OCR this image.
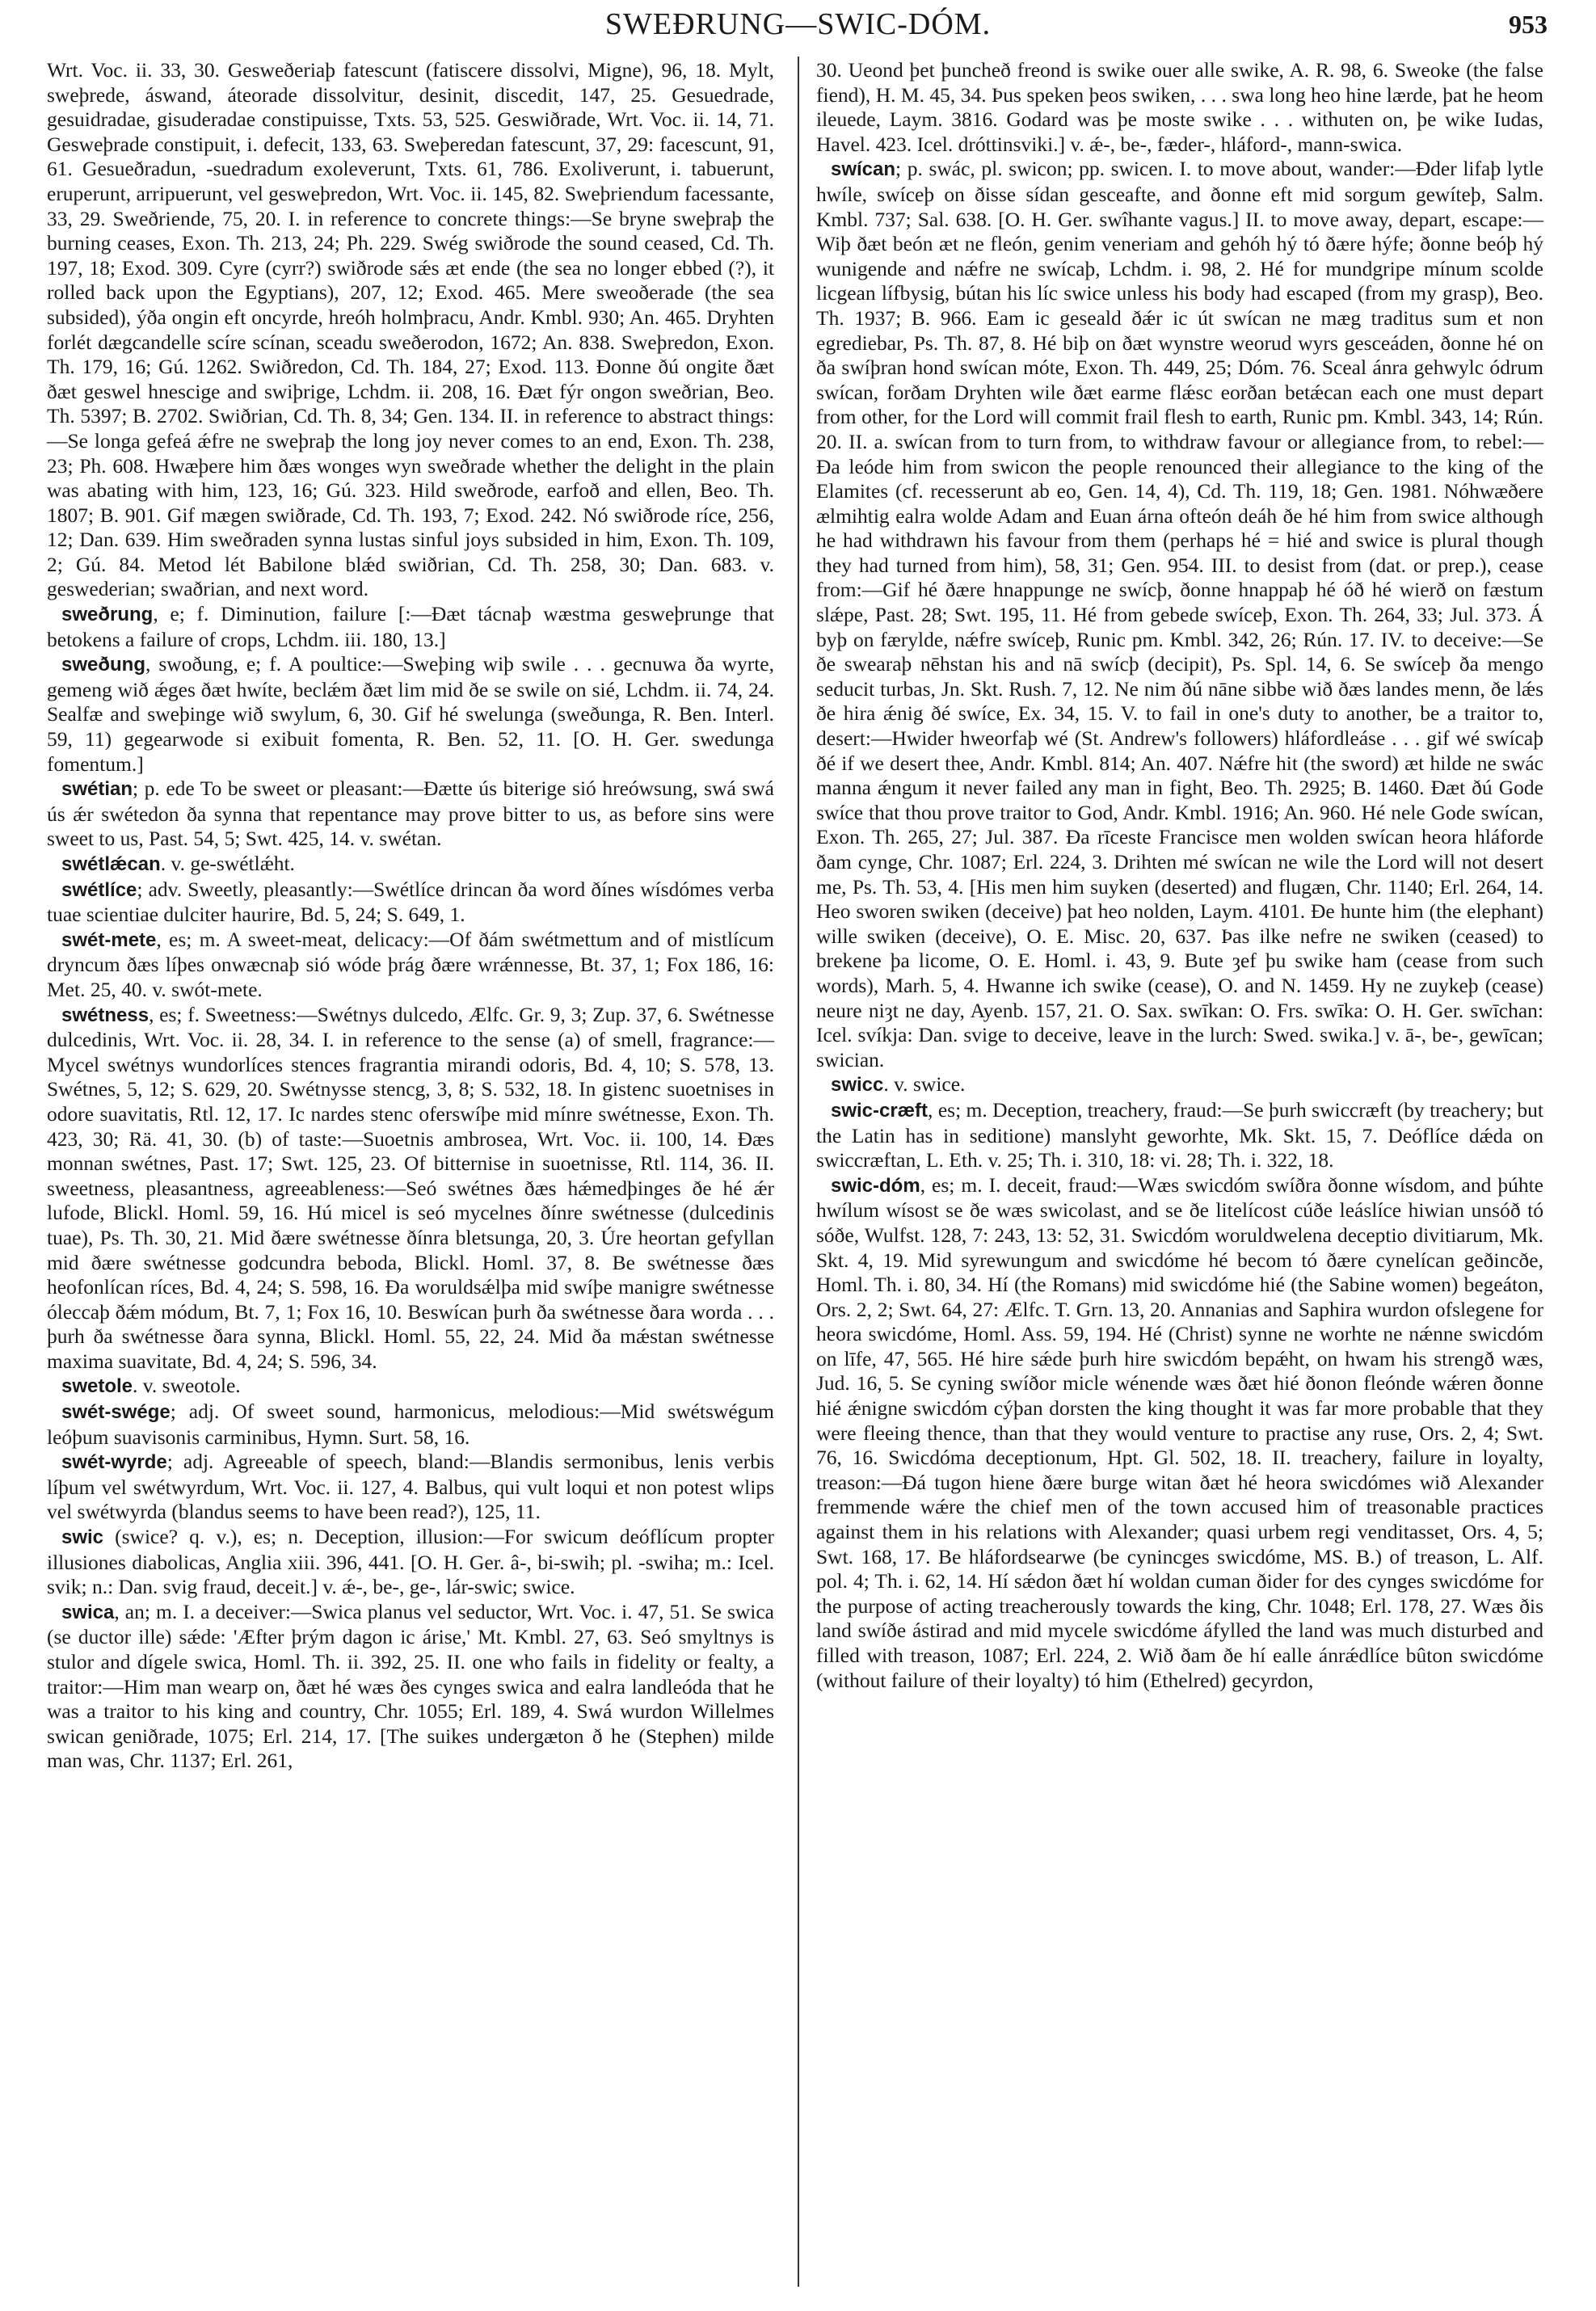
SWEÐRUNG—SWIC-DÓM.	953

Wrt. Voc. ii. 33, 30. Gesweðeriaþ fatescunt (fatiscere dissolvi, Migne), 96, 18. Mylt, sweþrede, áswand, áteorade dissolvitur, desinit, discedit, 147, 25. Gesuedrade, gesuidradae, gisuderadae constipuisse, Txts. 53, 525. Geswiðrade, Wrt. Voc. ii. 14, 71. Gesweþrade constipuit, i. defecit, 133, 63. Sweþeredan fatescunt, 37, 29: facescunt, 91, 61. Gesueðradun, -suedradum exoleverunt, Txts. 61, 786. Exoliverunt, i. tabuerunt, eruperunt, arripuerunt, vel gesweþredon, Wrt. Voc. ii. 145, 82. Sweþriendum facessante, 33, 29. Sweðriende, 75, 20. I. in reference to concrete things:—Se bryne sweþraþ the burning ceases, Exon. Th. 213, 24; Ph. 229. Swég swiðrode the sound ceased, Cd. Th. 197, 18; Exod. 309. Cyre (cyrr?) swiðrode sǽs æt ende (the sea no longer ebbed (?), it rolled back upon the Egyptians), 207, 12; Exod. 465. Mere sweoðerade (the sea subsided), ýða ongin eft oncyrde, hreóh holmþracu, Andr. Kmbl. 930; An. 465. Dryhten forlét dægcandelle scíre scínan, sceadu sweðerodon, 1672; An. 838. Sweþredon, Exon. Th. 179, 16; Gú. 1262. Swiðredon, Cd. Th. 184, 27; Exod. 113. Ðonne ðú ongite ðæt ðæt geswel hnescige and swiþrige, Lchdm. ii. 208, 16. Ðæt fýr ongon sweðrian, Beo. Th. 5397; B. 2702. Swiðrian, Cd. Th. 8, 34; Gen. 134. II. in reference to abstract things:—Se longa gefeá ǽfre ne sweþraþ the long joy never comes to an end, Exon. Th. 238, 23; Ph. 608. Hwæþere him ðæs wonges wyn sweðrade whether the delight in the plain was abating with him, 123, 16; Gú. 323. Hild sweðrode, earfoð and ellen, Beo. Th. 1807; B. 901. Gif mægen swiðrade, Cd. Th. 193, 7; Exod. 242. Nó swiðrode ríce, 256, 12; Dan. 639. Him sweðraden synna lustas sinful joys subsided in him, Exon. Th. 109, 2; Gú. 84. Metod lét Babilone blǽd swiðrian, Cd. Th. 258, 30; Dan. 683. v. geswederian; swaðrian, and next word.

sweðrung, e; f. Diminution, failure [:—Ðæt tácnaþ wæstma gesweþrunge that betokens a failure of crops, Lchdm. iii. 180, 13.]

sweðung, swoðung, e; f. A poultice:—Sweþing wiþ swile . . . gecnuwa ða wyrte, gemeng wið ǽges ðæt hwíte, beclǽm ðæt lim mid ðe se swile on sié, Lchdm. ii. 74, 24. Sealfæ and sweþinge wið swylum, 6, 30. Gif hé swelunga (sweðunga, R. Ben. Interl. 59, 11) gegearwode si exibuit fomenta, R. Ben. 52, 11. [O. H. Ger. swedunga fomentum.]

swétian; p. ede To be sweet or pleasant:—Ðætte ús biterige sió hreówsung, swá swá ús ǽr swétedon ða synna that repentance may prove bitter to us, as before sins were sweet to us, Past. 54, 5; Swt. 425, 14. v. swétan.

swétlǽcan. v. ge-swétlǽht.

swétlíce; adv. Sweetly, pleasantly:—Swétlíce drincan ða word ðínes wísdómes verba tuae scientiae dulciter haurire, Bd. 5, 24; S. 649, 1.

swét-mete, es; m. A sweet-meat, delicacy:—Of ðám swétmettum and of mistlícum dryncum ðæs líþes onwæcnaþ sió wóde þrág ðære wrǽnnesse, Bt. 37, 1; Fox 186, 16: Met. 25, 40. v. swót-mete.

swétness, es; f. Sweetness:—Swétnys dulcedo, Ælfc. Gr. 9, 3; Zup. 37, 6. Swétnesse dulcedinis, Wrt. Voc. ii. 28, 34. I. in reference to the sense (a) of smell, fragrance:—Mycel swétnys wundorlíces stences fragrantia mirandi odoris, Bd. 4, 10; S. 578, 13. Swétnes, 5, 12; S. 629, 20. Swétnysse stencg, 3, 8; S. 532, 18. In gistenc suoetnises in odore suavitatis, Rtl. 12, 17. Ic nardes stenc oferswíþe mid mínre swétnesse, Exon. Th. 423, 30; Rä. 41, 30. (b) of taste:—Suoetnis ambrosea, Wrt. Voc. ii. 100, 14. Ðæs monnan swétnes, Past. 17; Swt. 125, 23. Of bitternise in suoetnisse, Rtl. 114, 36. II. sweetness, pleasantness, agreeableness:—Seó swétnes ðæs hǽmedþinges ðe hé ǽr lufode, Blickl. Homl. 59, 16. Hú micel is seó mycelnes ðínre swétnesse (dulcedinis tuae), Ps. Th. 30, 21. Mid ðære swétnesse ðínra bletsunga, 20, 3. Úre heortan gefyllan mid ðære swétnesse godcundra beboda, Blickl. Homl. 37, 8. Be swétnesse ðæs heofonlícan ríces, Bd. 4, 24; S. 598, 16. Ða woruldsǽlþa mid swíþe manigre swétnesse óleccaþ ðǽm módum, Bt. 7, 1; Fox 16, 10. Beswícan þurh ða swétnesse ðara worda . . . þurh ða swétnesse ðara synna, Blickl. Homl. 55, 22, 24. Mid ða mǽstan swétnesse maxima suavitate, Bd. 4, 24; S. 596, 34.

swetole. v. sweotole.

swét-swége; adj. Of sweet sound, harmonicus, melodious:—Mid swétswégum leóþum suavisonis carminibus, Hymn. Surt. 58, 16.

swét-wyrde; adj. Agreeable of speech, bland:—Blandis sermonibus, lenis verbis líþum vel swétwyrdum, Wrt. Voc. ii. 127, 4. Balbus, qui vult loqui et non potest wlips vel swétwyrda (blandus seems to have been read?), 125, 11.

swic (swice? q. v.), es; n. Deception, illusion:—For swicum deóflícum propter illusiones diabolicas, Anglia xiii. 396, 441. [O. H. Ger. â-, bi-swih; pl. -swiha; m.: Icel. svik; n.: Dan. svig fraud, deceit.] v. ǽ-, be-, ge-, lár-swic; swice.

swica, an; m. I. a deceiver:—Swica planus vel seductor, Wrt. Voc. i. 47, 51. Se swica (se ductor ille) sǽde: 'Æfter þrým dagon ic árise,' Mt. Kmbl. 27, 63. Seó smyltnys is stulor and dígele swica, Homl. Th. ii. 392, 25. II. one who fails in fidelity or fealty, a traitor:—Him man wearp on, ðæt hé wæs ðes cynges swica and ealra landleóda that he was a traitor to his king and country, Chr. 1055; Erl. 189, 4. Swá wurdon Willelmes swican geniðrade, 1075; Erl. 214, 17. [The suikes undergæton ð he (Stephen) milde man was, Chr. 1137; Erl. 261,

30. Ueond þet þuncheð freond is swike ouer alle swike, A. R. 98, 6. Sweoke (the false fiend), H. M. 45, 34. Þus speken þeos swiken, . . . swa long heo hine lærde, þat he heom ileuede, Laym. 3816. Godard was þe moste swike . . . withuten on, þe wike Iudas, Havel. 423. Icel. dróttinsviki.] v. ǽ-, be-, fæder-, hláford-, mann-swica.

swícan; p. swác, pl. swicon; pp. swicen. I. to move about, wander:—Ðder lifaþ lytle hwíle, swíceþ on ðisse sídan gesceafte, and ðonne eft mid sorgum gewíteþ, Salm. Kmbl. 737; Sal. 638. [O. H. Ger. swîhante vagus.] II. to move away, depart, escape:—Wiþ ðæt beón æt ne fleón, genim veneriam and gehóh hý tó ðære hýfe; ðonne beóþ hý wunigende and nǽfre ne swícaþ, Lchdm. i. 98, 2. Hé for mundgripe mínum scolde licgean lífbysig, bútan his líc swice unless his body had escaped (from my grasp), Beo. Th. 1937; B. 966. Eam ic geseald ðǽr ic út swícan ne mæg traditus sum et non egrediebar, Ps. Th. 87, 8. Hé biþ on ðæt wynstre weorud wyrs gesceáden, ðonne hé on ða swíþran hond swícan móte, Exon. Th. 449, 25; Dóm. 76. Sceal ánra gehwylc ódrum swícan, forðam Dryhten wile ðæt earme flǽsc eorðan betǽcan each one must depart from other, for the Lord will commit frail flesh to earth, Runic pm. Kmbl. 343, 14; Rún. 20. II. a. swícan from to turn from, to withdraw favour or allegiance from, to rebel:—Ða leóde him from swicon the people renounced their allegiance to the king of the Elamites (cf. recesserunt ab eo, Gen. 14, 4), Cd. Th. 119, 18; Gen. 1981. Nóhwæðere ælmihtig ealra wolde Adam and Euan árna ofteón deáh ðe hé him from swice although he had withdrawn his favour from them (perhaps hé = hié and swice is plural though they had turned from him), 58, 31; Gen. 954. III. to desist from (dat. or prep.), cease from:—Gif hé ðære hnappunge ne swícþ, ðonne hnappaþ hé óð hé wierð on fæstum slǽpe, Past. 28; Swt. 195, 11. Hé from gebede swíceþ, Exon. Th. 264, 33; Jul. 373. Á byþ on færylde, nǽfre swíceþ, Runic pm. Kmbl. 342, 26; Rún. 17. IV. to deceive:—Se ðe swearaþ nēhstan his and nā swícþ (decipit), Ps. Spl. 14, 6. Se swíceþ ða mengo seducit turbas, Jn. Skt. Rush. 7, 12. Ne nim ðú nāne sibbe wið ðæs landes menn, ðe lǽs ðe hira ǽnig ðé swíce, Ex. 34, 15. V. to fail in one's duty to another, be a traitor to, desert:—Hwider hweorfaþ wé (St. Andrew's followers) hláfordleáse . . . gif wé swícaþ ðé if we desert thee, Andr. Kmbl. 814; An. 407. Nǽfre hit (the sword) æt hilde ne swác manna ǽngum it never failed any man in fight, Beo. Th. 2925; B. 1460. Ðæt ðú Gode swíce that thou prove traitor to God, Andr. Kmbl. 1916; An. 960. Hé nele Gode swícan, Exon. Th. 265, 27; Jul. 387. Ða rīceste Francisce men wolden swícan heora hláforde ðam cynge, Chr. 1087; Erl. 224, 3. Drihten mé swícan ne wile the Lord will not desert me, Ps. Th. 53, 4. [His men him suyken (deserted) and flugæn, Chr. 1140; Erl. 264, 14. Heo sworen swiken (deceive) þat heo nolden, Laym. 4101. Ðe hunte him (the elephant) wille swiken (deceive), O. E. Misc. 20, 637. Þas ilke nefre ne swiken (ceased) to brekene þa licome, O. E. Homl. i. 43, 9. Bute ȝef þu swike ham (cease from such words), Marh. 5, 4. Hwanne ich swike (cease), O. and N. 1459. Hy ne zuykeþ (cease) neure niȝt ne day, Ayenb. 157, 21. O. Sax. swīkan: O. Frs. swīka: O. H. Ger. swīchan: Icel. svíkja: Dan. svige to deceive, leave in the lurch: Swed. swika.] v. ā-, be-, gewīcan; swician.

swicc. v. swice.

swic-cræft, es; m. Deception, treachery, fraud:—Se þurh swiccræft (by treachery; but the Latin has in seditione) manslyht geworhte, Mk. Skt. 15, 7. Deóflíce dǽda on swiccræftan, L. Eth. v. 25; Th. i. 310, 18: vi. 28; Th. i. 322, 18.

swic-dóm, es; m. I. deceit, fraud:—Wæs swicdóm swíðra ðonne wísdom, and þúhte hwílum wísost se ðe wæs swicolast, and se ðe litelícost cúðe leáslíce hiwian unsóð tó sóðe, Wulfst. 128, 7: 243, 13: 52, 31. Swicdóm woruldwelena deceptio divitiarum, Mk. Skt. 4, 19. Mid syrewungum and swicdóme hé becom tó ðære cynelícan geðincðe, Homl. Th. i. 80, 34. Hí (the Romans) mid swicdóme hié (the Sabine women) begeáton, Ors. 2, 2; Swt. 64, 27: Ælfc. T. Grn. 13, 20. Annanias and Saphira wurdon ofslegene for heora swicdóme, Homl. Ass. 59, 194. Hé (Christ) synne ne worhte ne nǽnne swicdóm on līfe, 47, 565. Hé hire sǽde þurh hire swicdóm bepǽht, on hwam his strengð wæs, Jud. 16, 5. Se cyning swíðor micle wénende wæs ðæt hié ðonon fleónde wǽren ðonne hié ǽnigne swicdóm cýþan dorsten the king thought it was far more probable that they were fleeing thence, than that they would venture to practise any ruse, Ors. 2, 4; Swt. 76, 16. Swicdóma deceptionum, Hpt. Gl. 502, 18. II. treachery, failure in loyalty, treason:—Ðá tugon hiene ðære burge witan ðæt hé heora swicdómes wið Alexander fremmende wǽre the chief men of the town accused him of treasonable practices against them in his relations with Alexander; quasi urbem regi venditasset, Ors. 4, 5; Swt. 168, 17. Be hláfordsearwe (be cynincges swicdóme, MS. B.) of treason, L. Alf. pol. 4; Th. i. 62, 14. Hí sǽdon ðæt hí woldan cuman ðider for des cynges swicdóme for the purpose of acting treacherously towards the king, Chr. 1048; Erl. 178, 27. Wæs ðis land swíðe ástirad and mid mycele swicdóme áfylled the land was much disturbed and filled with treason, 1087; Erl. 224, 2. Wið ðam ðe hí ealle ánrǽdlíce bûton swicdóme (without failure of their loyalty) tó him (Ethelred) gecyrdon,
